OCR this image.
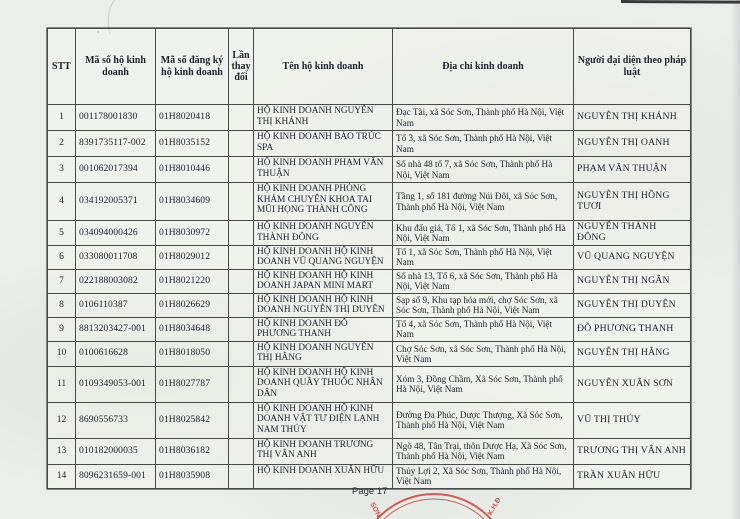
STT	Mã số hộ kinh doanh	Mã số đăng ký hộ kinh doanh	Lần thay đổi	Tên hộ kinh doanh	Địa chỉ kinh doanh	Người đại diện theo pháp luật
1	001178001830	01H8020418		HỘ KINH DOANH NGUYỄN THỊ KHÁNH	Đạc Tài, xã Sóc Sơn, Thành phố Hà Nội, Việt Nam	NGUYỄN THỊ KHÁNH
2	8391735117-002	01H8035152		HỘ KINH DOANH BẢO TRÚC SPA	Tổ 3, xã Sóc Sơn, Thành phố Hà Nội, Việt Nam	NGUYỄN THỊ OANH
3	001062017394	01H8010446		HỘ KINH DOANH PHẠM VĂN THUẬN	Số nhà 48 tổ 7, xã Sóc Sơn, Thành phố Hà Nội, Việt Nam	PHẠM VĂN THUẬN
4	034192005371	01H8034609		HỘ KINH DOANH PHÒNG KHÁM CHUYÊN KHOA TAI MŨI HỌNG THÀNH CÔNG	Tầng 1, số 181 đường Núi Đôi, xã Sóc Sơn, Thành phố Hà Nội, Việt Nam	NGUYỄN THỊ HỒNG TƯƠI
5	034094000426	01H8030972		HỘ KINH DOANH NGUYỄN THÀNH ĐÔNG	Khu đấu giá, Tổ 1, xã Sóc Sơn, Thành phố Hà Nội, Việt Nam	NGUYỄN THÀNH ĐÔNG
6	033080011708	01H8029012		HỘ KINH DOANH HỘ KINH DOANH VŨ QUANG NGUYỆN	Tổ 1, xã Sóc Sơn, Thành phố Hà Nội, Việt Nam	VŨ QUANG NGUYỆN
7	022188003082	01H8021220		HỘ KINH DOANH HỘ KINH DOANH JAPAN MINI MART	Số nhà 13, Tổ 6, xã Sóc Sơn, Thành phố Hà Nội, Việt Nam	NGUYỄN THỊ NGÂN
8	0106110387	01H8026629		HỘ KINH DOANH HỘ KINH DOANH NGUYỄN THỊ DUYÊN	Sạp số 9, Khu tạp hóa mới, chợ Sóc Sơn, xã Sóc Sơn, Thành phố Hà Nội, Việt Nam	NGUYỄN THỊ DUYÊN
9	8813203427-001	01H8034648		HỘ KINH DOANH ĐỖ PHƯƠNG THANH	Tổ 4, xã Sóc Sơn, Thành phố Hà Nội, Việt Nam	ĐỖ PHƯƠNG THANH
10	0100616628	01H8018050		HỘ KINH DOANH NGUYỄN THỊ HẰNG	Chợ Sóc Sơn, xã Sóc Sơn, Thành phố Hà Nội, Việt Nam	NGUYỄN THỊ HẰNG
11	0109349053-001	01H8027787		HỘ KINH DOANH HỘ KINH DOANH QUẦY THUỐC NHÂN DÂN	Xóm 3, Đồng Chầm, Xã Sóc Sơn, Thành phố Hà Nội, Việt Nam	NGUYỄN XUÂN SƠN
12	8690556733	01H8025842		HỘ KINH DOANH HỘ KINH DOANH VẬT TƯ ĐIỆN LẠNH NAM THÚY	Đường Đa Phúc, Dược Thượng, Xã Sóc Sơn, Thành phố Hà Nội, Việt Nam	VŨ THỊ THÚY
13	010182000035	01H8036182		HỘ KINH DOANH TRƯƠNG THỊ VÂN ANH	Ngõ 48, Tân Trại, thôn Dược Hạ, Xã Sóc Sơn, Thành phố Hà Nội, Việt Nam	TRƯƠNG THỊ VÂN ANH
14	8096231659-001	01H8035908		HỘ KINH DOANH XUÂN HỮU	Thủy Lợi 2, Xã Sóc Sơn, Thành phố Hà Nội, Việt Nam	TRẦN XUÂN HỮU
Page 17
SƠN	K.H.Đ
